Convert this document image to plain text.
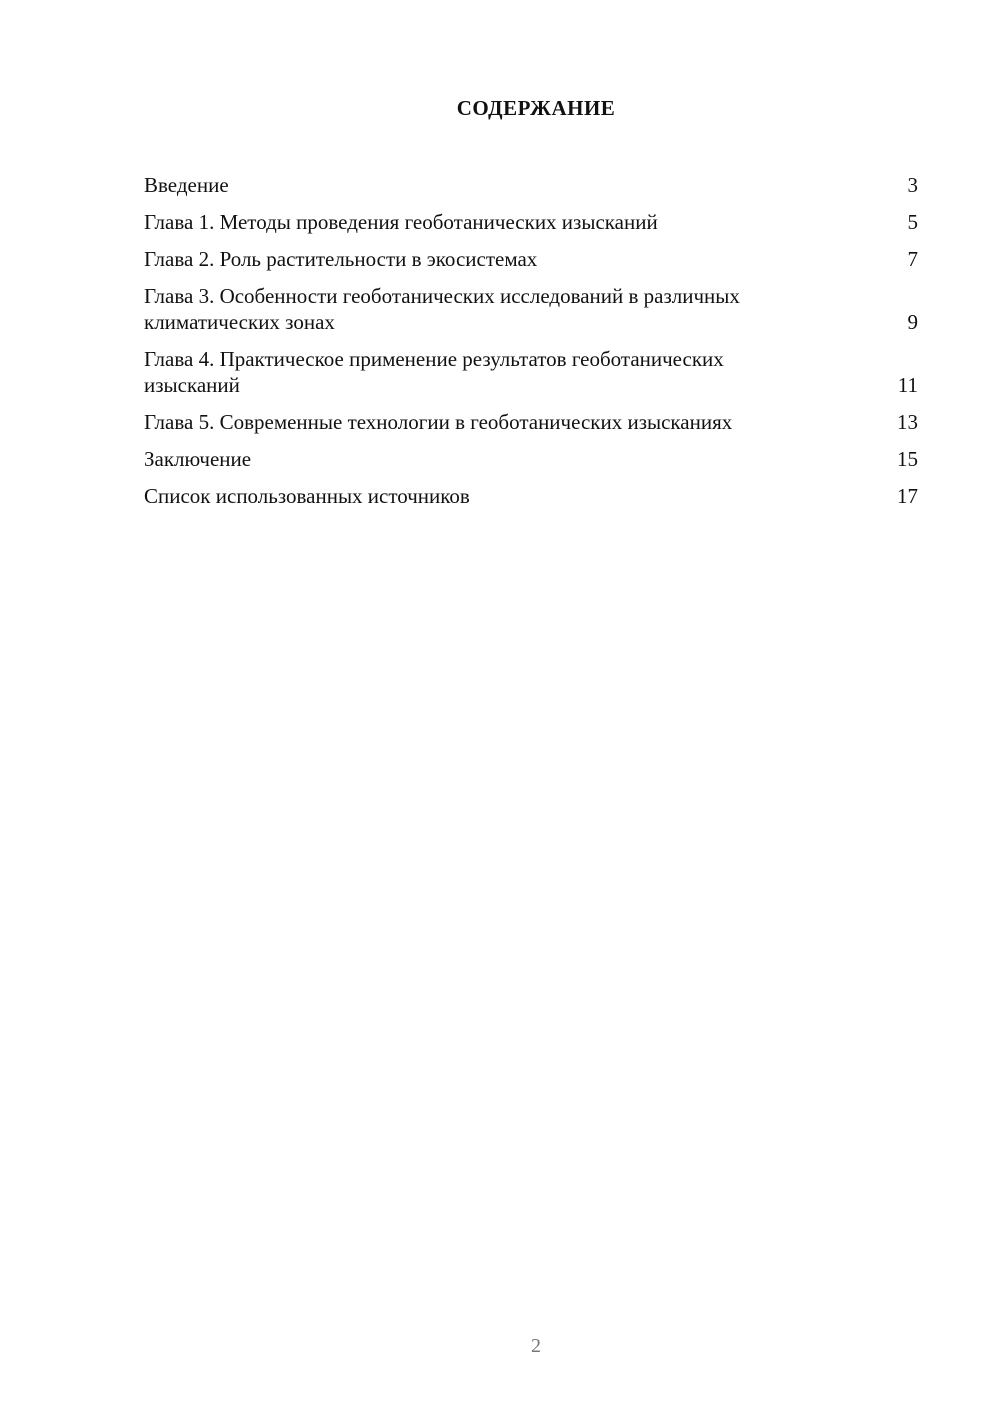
СОДЕРЖАНИЕ
Введение	3
Глава 1. Методы проведения геоботанических изысканий	5
Глава 2. Роль растительности в экосистемах	7
Глава 3. Особенности геоботанических исследований в различных климатических зонах	9
Глава 4. Практическое применение результатов геоботанических изысканий	11
Глава 5. Современные технологии в геоботанических изысканиях	13
Заключение	15
Список использованных источников	17
2
